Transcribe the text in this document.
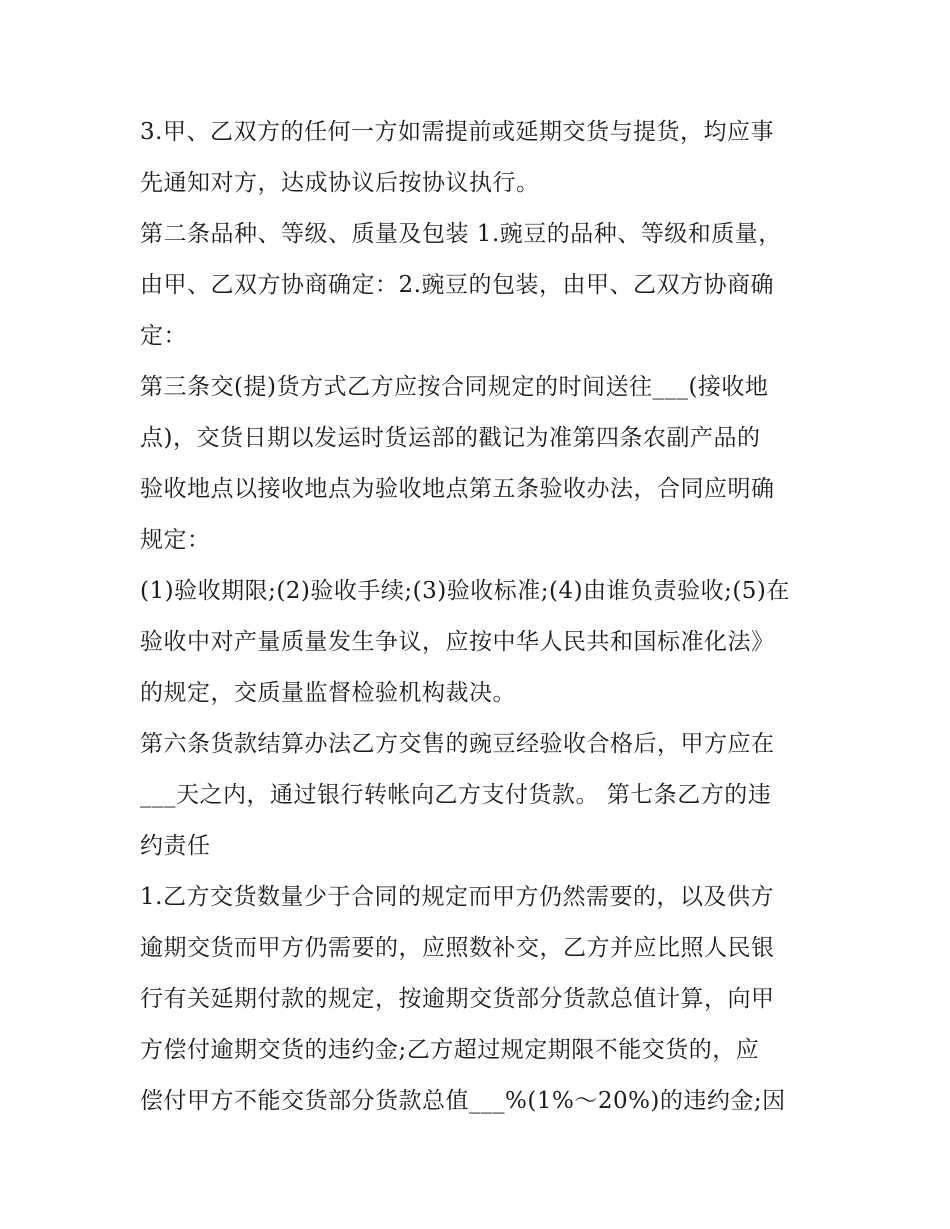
3.甲、乙双方的任何一方如需提前或延期交货与提货，均应事
先通知对方，达成协议后按协议执行。
第二条品种、等级、质量及包装 1.豌豆的品种、等级和质量，
由甲、乙双方协商确定：2.豌豆的包装，由甲、乙双方协商确
定：
第三条交(提)货方式乙方应按合同规定的时间送往___(接收地
点)，交货日期以发运时货运部的戳记为准第四条农副产品的
验收地点以接收地点为验收地点第五条验收办法，合同应明确
规定：
(1)验收期限;(2)验收手续;(3)验收标准;(4)由谁负责验收;(5)在
验收中对产量质量发生争议，应按中华人民共和国标准化法》
的规定，交质量监督检验机构裁决。
第六条货款结算办法乙方交售的豌豆经验收合格后，甲方应在
___天之内，通过银行转帐向乙方支付货款。 第七条乙方的违
约责任
1.乙方交货数量少于合同的规定而甲方仍然需要的，以及供方
逾期交货而甲方仍需要的，应照数补交，乙方并应比照人民银
行有关延期付款的规定，按逾期交货部分货款总值计算，向甲
方偿付逾期交货的违约金;乙方超过规定期限不能交货的，应
偿付甲方不能交货部分货款总值___%(1%～20%)的违约金;因
